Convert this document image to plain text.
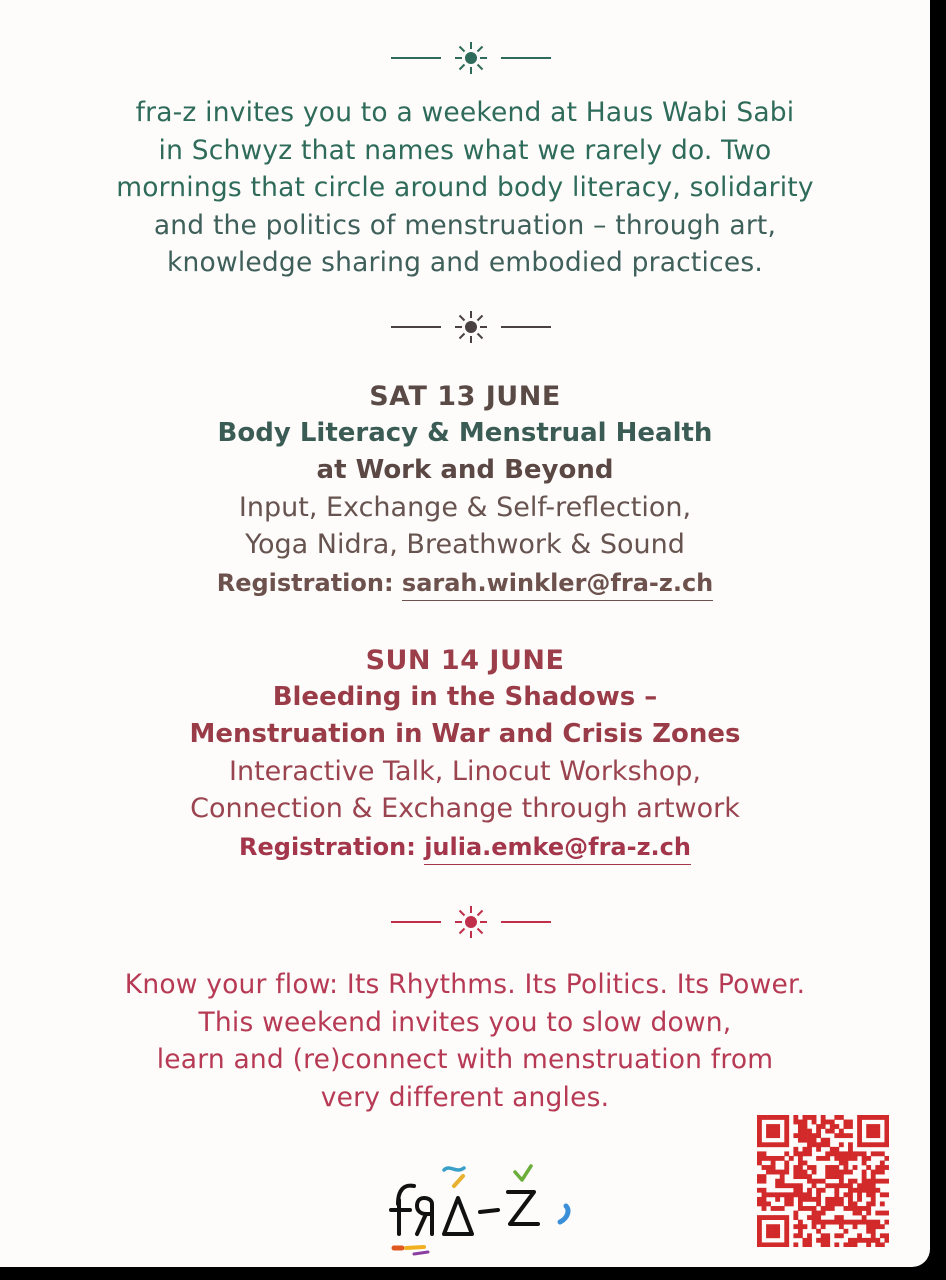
fra-z invites you to a weekend at Haus Wabi Sabi
in Schwyz that names what we rarely do. Two
mornings that circle around body literacy, solidarity
and the politics of menstruation – through art,
knowledge sharing and embodied practices.
SAT 13 JUNE
Body Literacy & Menstrual Health
at Work and Beyond
Input, Exchange & Self-reflection,
Yoga Nidra, Breathwork & Sound
Registration: sarah.winkler@fra-z.ch
SUN 14 JUNE
Bleeding in the Shadows –
Menstruation in War and Crisis Zones
Interactive Talk, Linocut Workshop,
Connection & Exchange through artwork
Registration: julia.emke@fra-z.ch
Know your flow: Its Rhythms. Its Politics. Its Power.
This weekend invites you to slow down,
learn and (re)connect with menstruation from
very different angles.
